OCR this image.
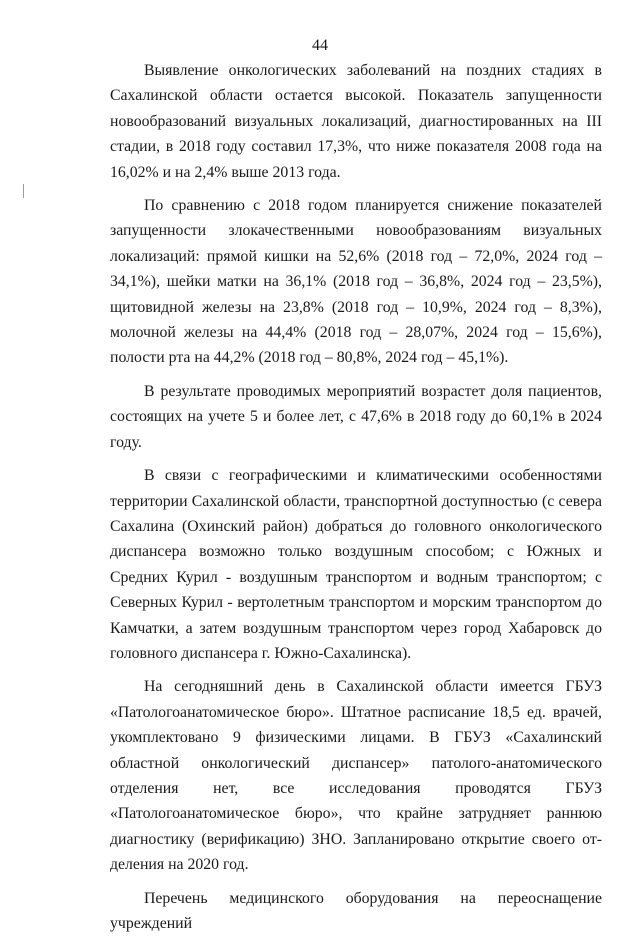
44

Выявление онкологических заболеваний на поздних стадиях в Сахалинской области остается высокой. Показатель запущенности новообразований визуальных локализаций, диагностированных на III стадии, в 2018 году составил 17,3%, что ниже показателя 2008 года на 16,02% и на 2,4% выше 2013 года.

По сравнению с 2018 годом планируется снижение показателей запущенности злокачественными новообразованиям визуальных локализаций: прямой кишки на 52,6% (2018 год – 72,0%, 2024 год – 34,1%), шейки матки на 36,1% (2018 год – 36,8%, 2024 год – 23,5%), щитовидной железы на 23,8% (2018 год – 10,9%, 2024 год – 8,3%), молочной железы на 44,4% (2018 год – 28,07%, 2024 год – 15,6%), полости рта на 44,2% (2018 год – 80,8%, 2024 год – 45,1%).

В результате проводимых мероприятий возрастет доля пациентов, состоящих на учете 5 и более лет, с 47,6% в 2018 году до 60,1% в 2024 году.

В связи с географическими и климатическими особенностями территории Сахалинской области, транспортной доступностью (с севера Сахалина (Охинский район) добраться до головного онкологического диспансера возможно только воздушным способом; с Южных и Средних Курил - воздушным транспортом и водным транспортом; с Северных Курил - вертолетным транспортом и морским транспортом до Камчатки, а затем воздушным транспортом через город Хабаровск до головного диспансера г. Южно-Сахалинска).

На сегодняшний день в Сахалинской области имеется ГБУЗ «Патологоанатомическое бюро». Штатное расписание 18,5 ед. врачей, укомплектовано 9 физическими лицами. В ГБУЗ «Сахалинский областной онкологический диспансер» патолого-анатомического отделения нет, все исследования проводятся ГБУЗ «Патологоанатомическое бюро», что крайне затрудняет раннюю диагностику (верификацию) ЗНО. Запланировано открытие своего отделения на 2020 год.

Перечень медицинского оборудования на переоснащение учреждений
